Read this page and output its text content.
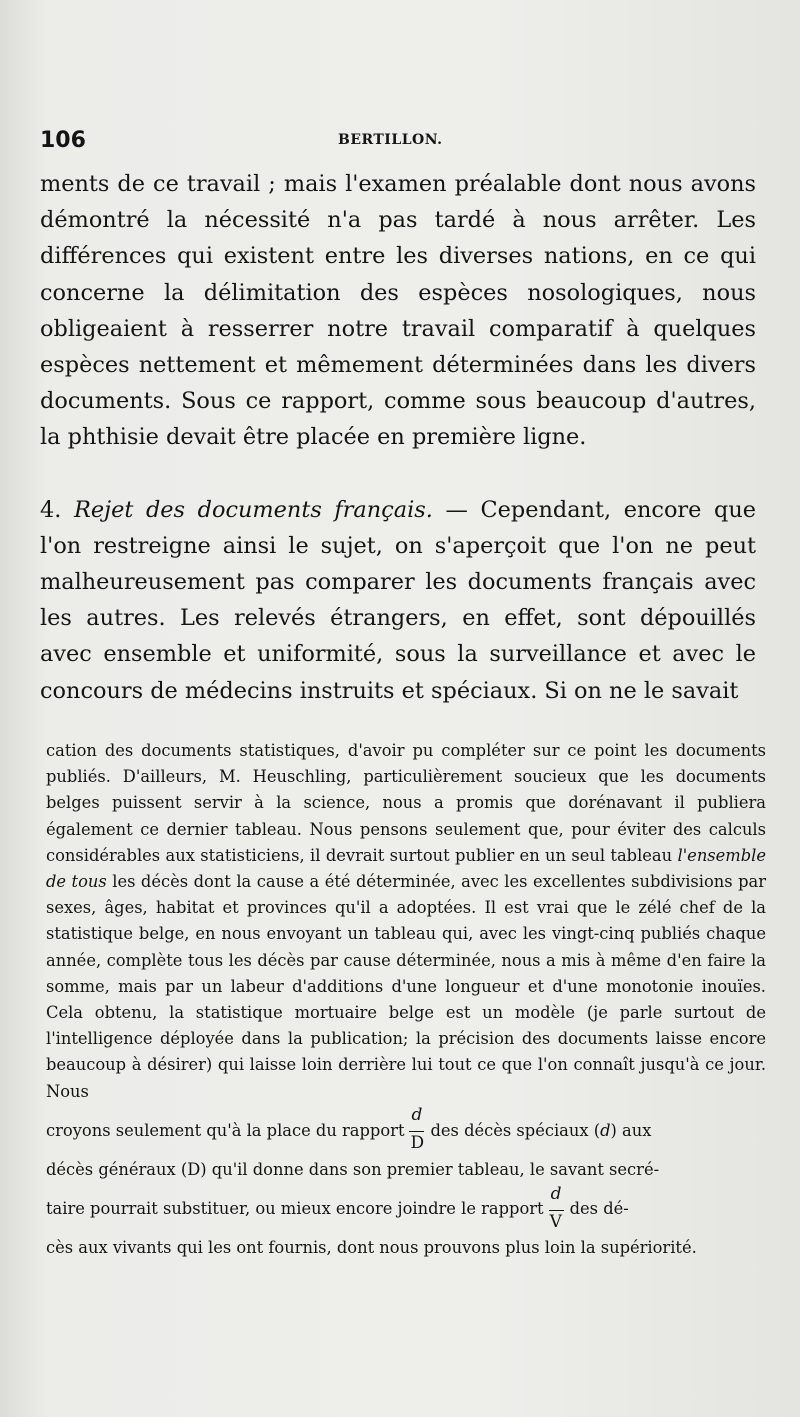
106	BERTILLON.

ments de ce travail ; mais l'examen préalable dont nous avons démontré la nécessité n'a pas tardé à nous arrêter. Les différences qui existent entre les diverses nations, en ce qui concerne la délimitation des espèces nosologiques, nous obligeaient à resserrer notre travail comparatif à quelques espèces nettement et mêmement déterminées dans les divers documents. Sous ce rapport, comme sous beaucoup d'autres, la phthisie devait être placée en première ligne.

4. Rejet des documents français. — Cependant, encore que l'on restreigne ainsi le sujet, on s'aperçoit que l'on ne peut malheureusement pas comparer les documents français avec les autres. Les relevés étrangers, en effet, sont dépouillés avec ensemble et uniformité, sous la surveillance et avec le concours de médecins instruits et spéciaux. Si on ne le savait

cation des documents statistiques, d'avoir pu compléter sur ce point les documents publiés. D'ailleurs, M. Heuschling, particulièrement soucieux que les documents belges puissent servir à la science, nous a promis que dorénavant il publiera également ce dernier tableau. Nous pensons seulement que, pour éviter des calculs considérables aux statisticiens, il devrait surtout publier en un seul tableau l'ensemble de tous les décès dont la cause a été déterminée, avec les excellentes subdivisions par sexes, âges, habitat et provinces qu'il a adoptées. Il est vrai que le zélé chef de la statistique belge, en nous envoyant un tableau qui, avec les vingt-cinq publiés chaque année, complète tous les décès par cause déterminée, nous a mis à même d'en faire la somme, mais par un labeur d'additions d'une longueur et d'une monotonie inouïes. Cela obtenu, la statistique mortuaire belge est un modèle (je parle surtout de l'intelligence déployée dans la publication; la précision des documents laisse encore beaucoup à désirer) qui laisse loin derrière lui tout ce que l'on connaît jusqu'à ce jour. Nous

croyons seulement qu'à la place du rapport $\frac{d}{D}$ des décès spéciaux (d) aux
décès généraux (D) qu'il donne dans son premier tableau, le savant secré-
taire pourrait substituer, ou mieux encore joindre le rapport $\frac{d}{V}$ des dé-

cès aux vivants qui les ont fournis, dont nous prouvons plus loin la supériorité.
